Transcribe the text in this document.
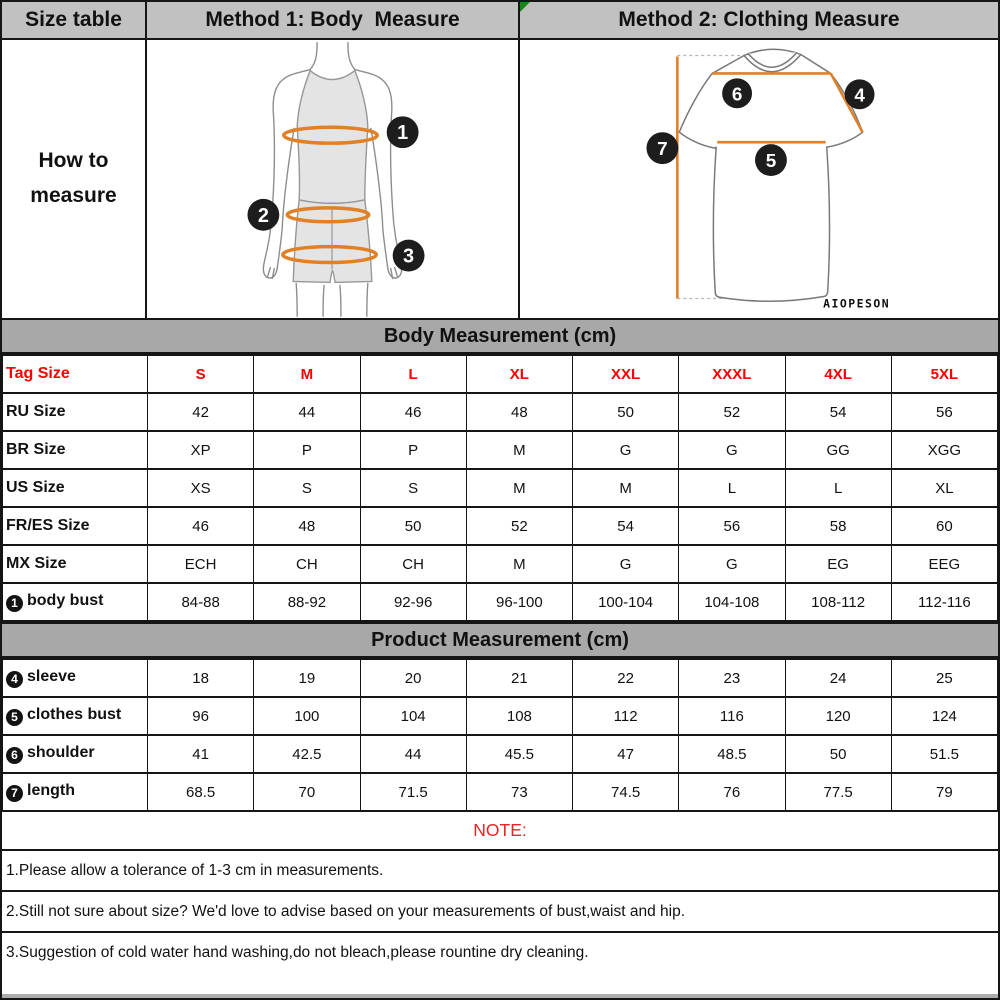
Size table	Method 1: Body  Measure	Method 2: Clothing Measure
How to
measure
1
2
3
6	4
7
5
AIOPESON
Body Measurement (cm)
Tag Size	S	M	L	XL	XXL	XXXL	4XL	5XL
RU Size	42	44	46	48	50	52	54	56
BR Size	XP	P	P	M	G	G	GG	XGG
US Size	XS	S	S	M	M	L	L	XL
FR/ES Size	46	48	50	52	54	56	58	60
MX Size	ECH	CH	CH	M	G	G	EG	EEG
1 body bust	84-88	88-92	92-96	96-100	100-104	104-108	108-112	112-116
Product Measurement (cm)
4 sleeve	18	19	20	21	22	23	24	25
5 clothes bust	96	100	104	108	112	116	120	124
6 shoulder	41	42.5	44	45.5	47	48.5	50	51.5
7 length	68.5	70	71.5	73	74.5	76	77.5	79
NOTE:
1.Please allow a tolerance of 1-3 cm in measurements.
2.Still not sure about size? We'd love to advise based on your measurements of bust,waist and hip.
3.Suggestion of cold water hand washing,do not bleach,please rountine dry cleaning.
